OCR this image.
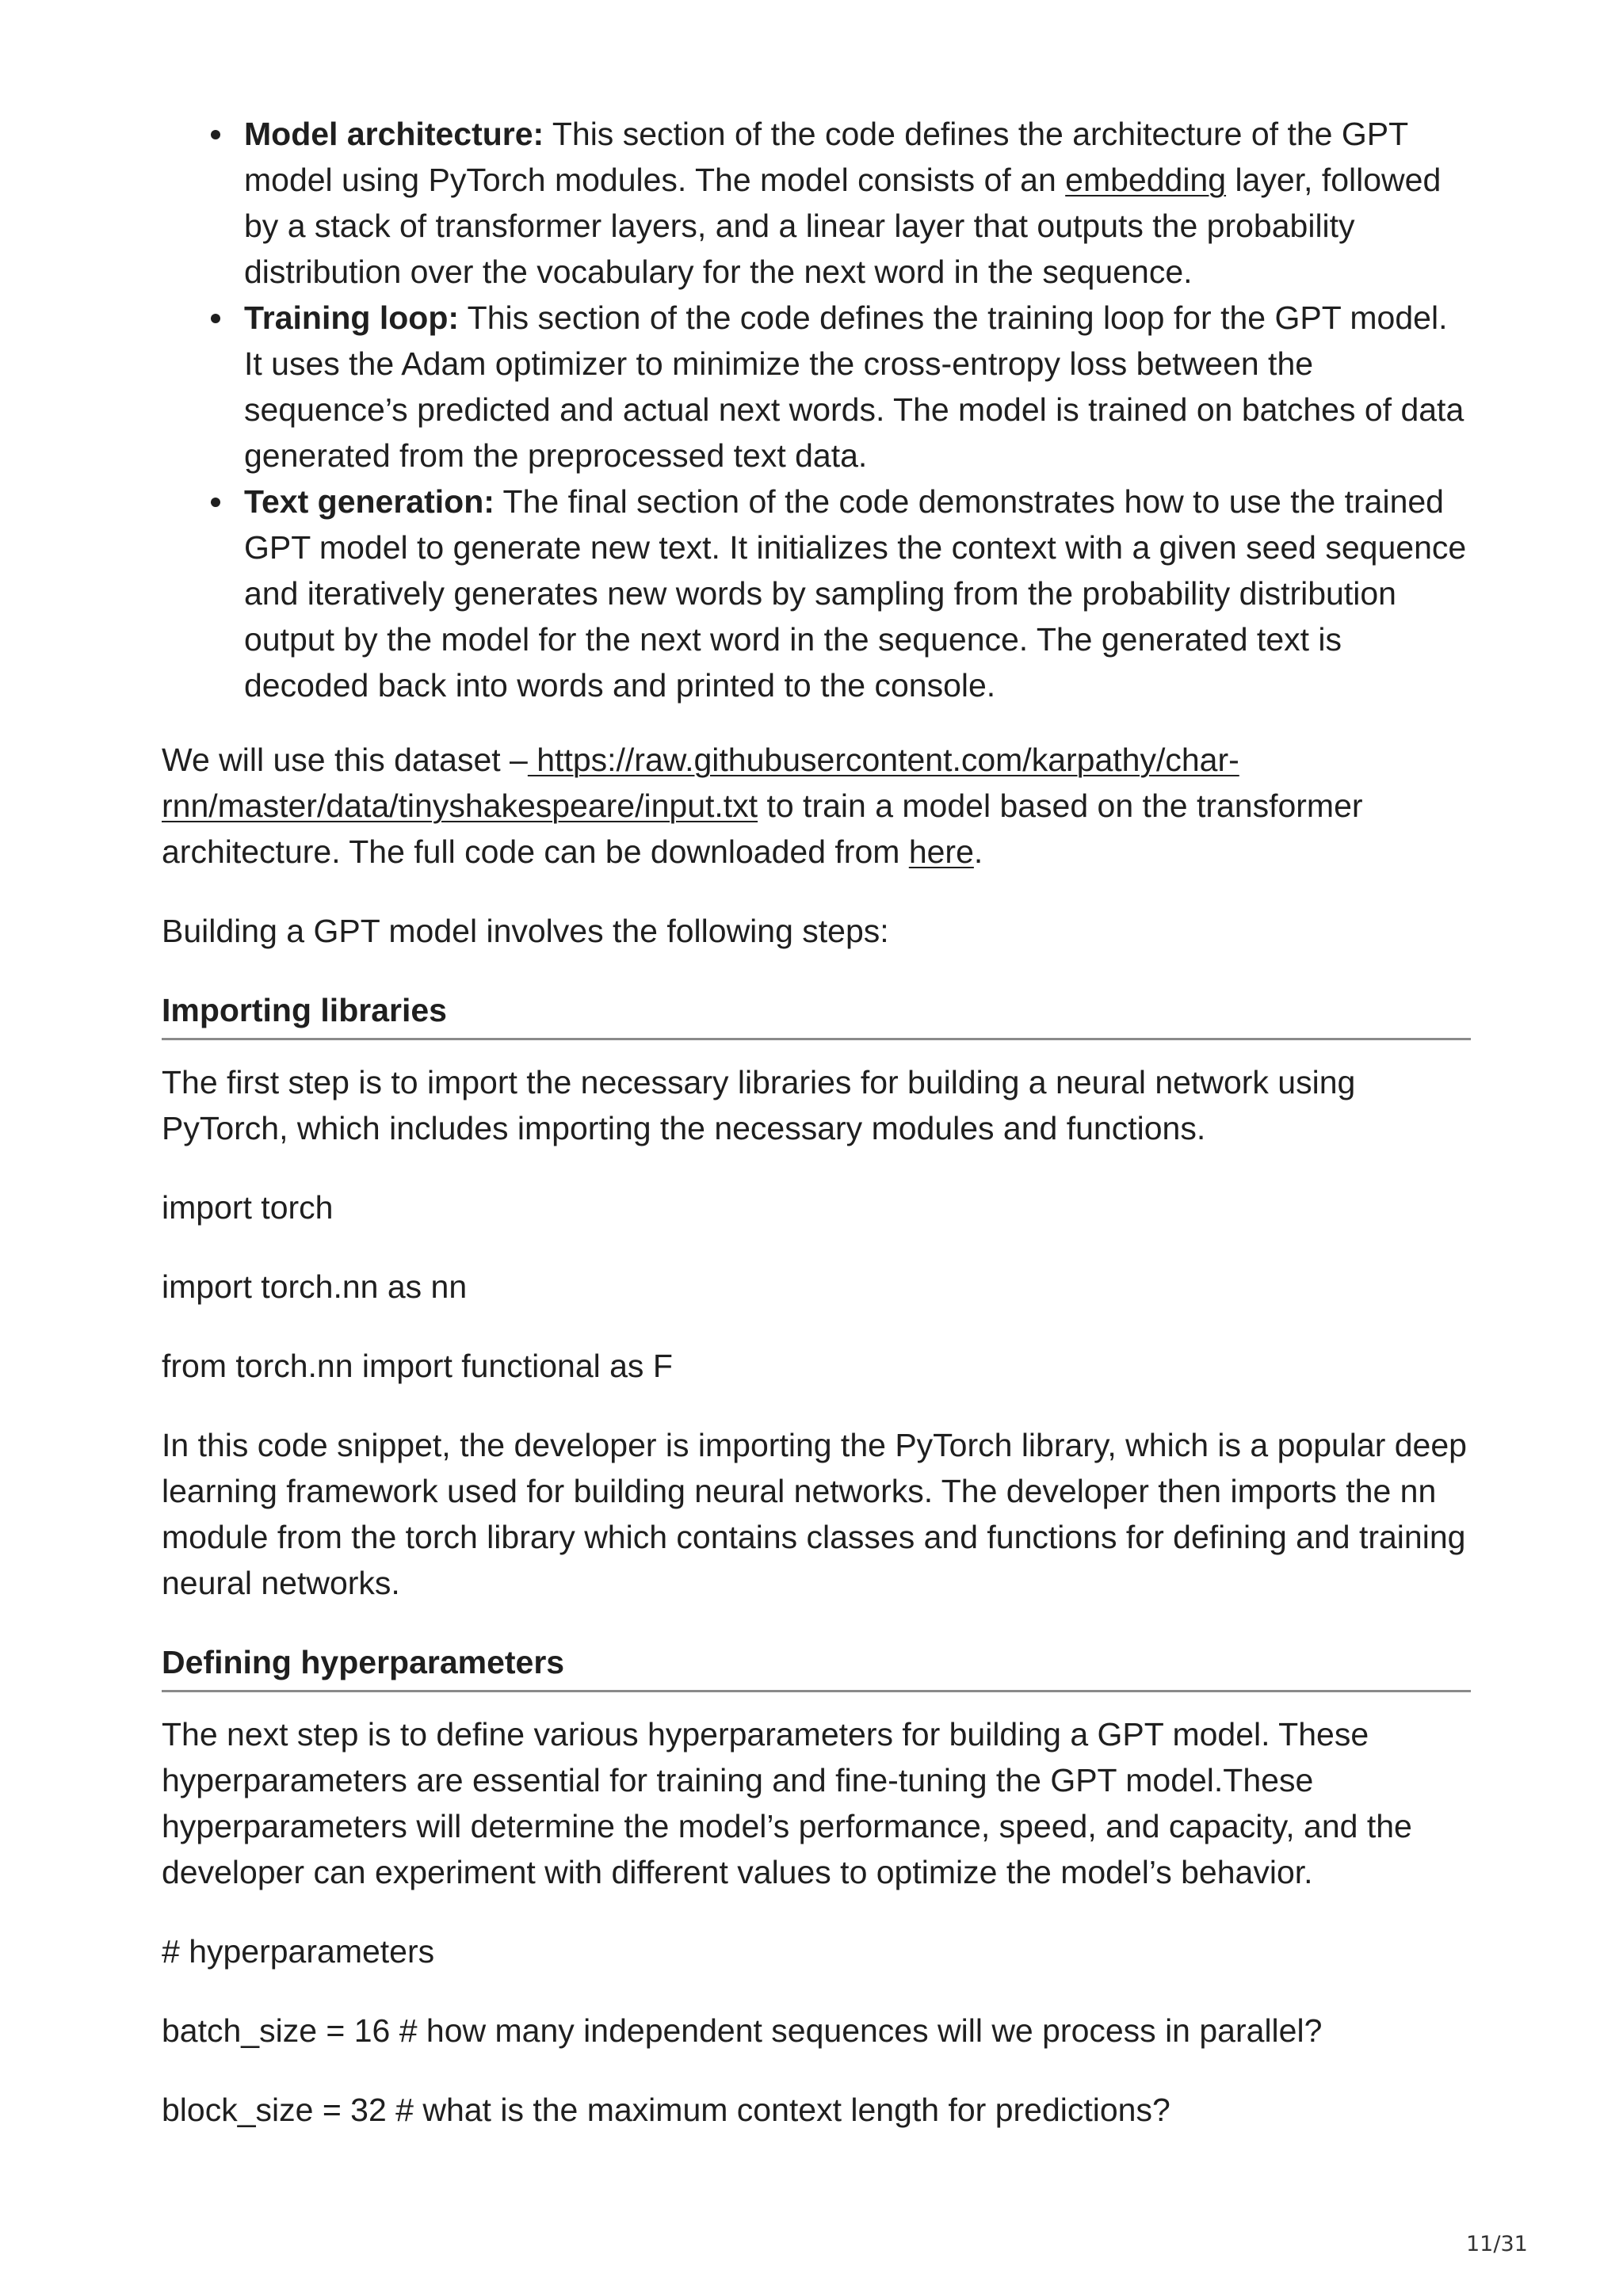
Model architecture: This section of the code defines the architecture of the GPT model using PyTorch modules. The model consists of an embedding layer, followed by a stack of transformer layers, and a linear layer that outputs the probability distribution over the vocabulary for the next word in the sequence.
Training loop: This section of the code defines the training loop for the GPT model. It uses the Adam optimizer to minimize the cross-entropy loss between the sequence’s predicted and actual next words. The model is trained on batches of data generated from the preprocessed text data.
Text generation: The final section of the code demonstrates how to use the trained GPT model to generate new text. It initializes the context with a given seed sequence and iteratively generates new words by sampling from the probability distribution output by the model for the next word in the sequence. The generated text is decoded back into words and printed to the console.

We will use this dataset – https://raw.githubusercontent.com/karpathy/char-rnn/master/data/tinyshakespeare/input.txt to train a model based on the transformer architecture. The full code can be downloaded from here.

Building a GPT model involves the following steps:

Importing libraries

The first step is to import the necessary libraries for building a neural network using PyTorch, which includes importing the necessary modules and functions.

import torch

import torch.nn as nn

from torch.nn import functional as F

In this code snippet, the developer is importing the PyTorch library, which is a popular deep learning framework used for building neural networks. The developer then imports the nn module from the torch library which contains classes and functions for defining and training neural networks.

Defining hyperparameters

The next step is to define various hyperparameters for building a GPT model. These hyperparameters are essential for training and fine-tuning the GPT model.These hyperparameters will determine the model’s performance, speed, and capacity, and the developer can experiment with different values to optimize the model’s behavior.

# hyperparameters

batch_size = 16 # how many independent sequences will we process in parallel?

block_size = 32 # what is the maximum context length for predictions?

11/31
